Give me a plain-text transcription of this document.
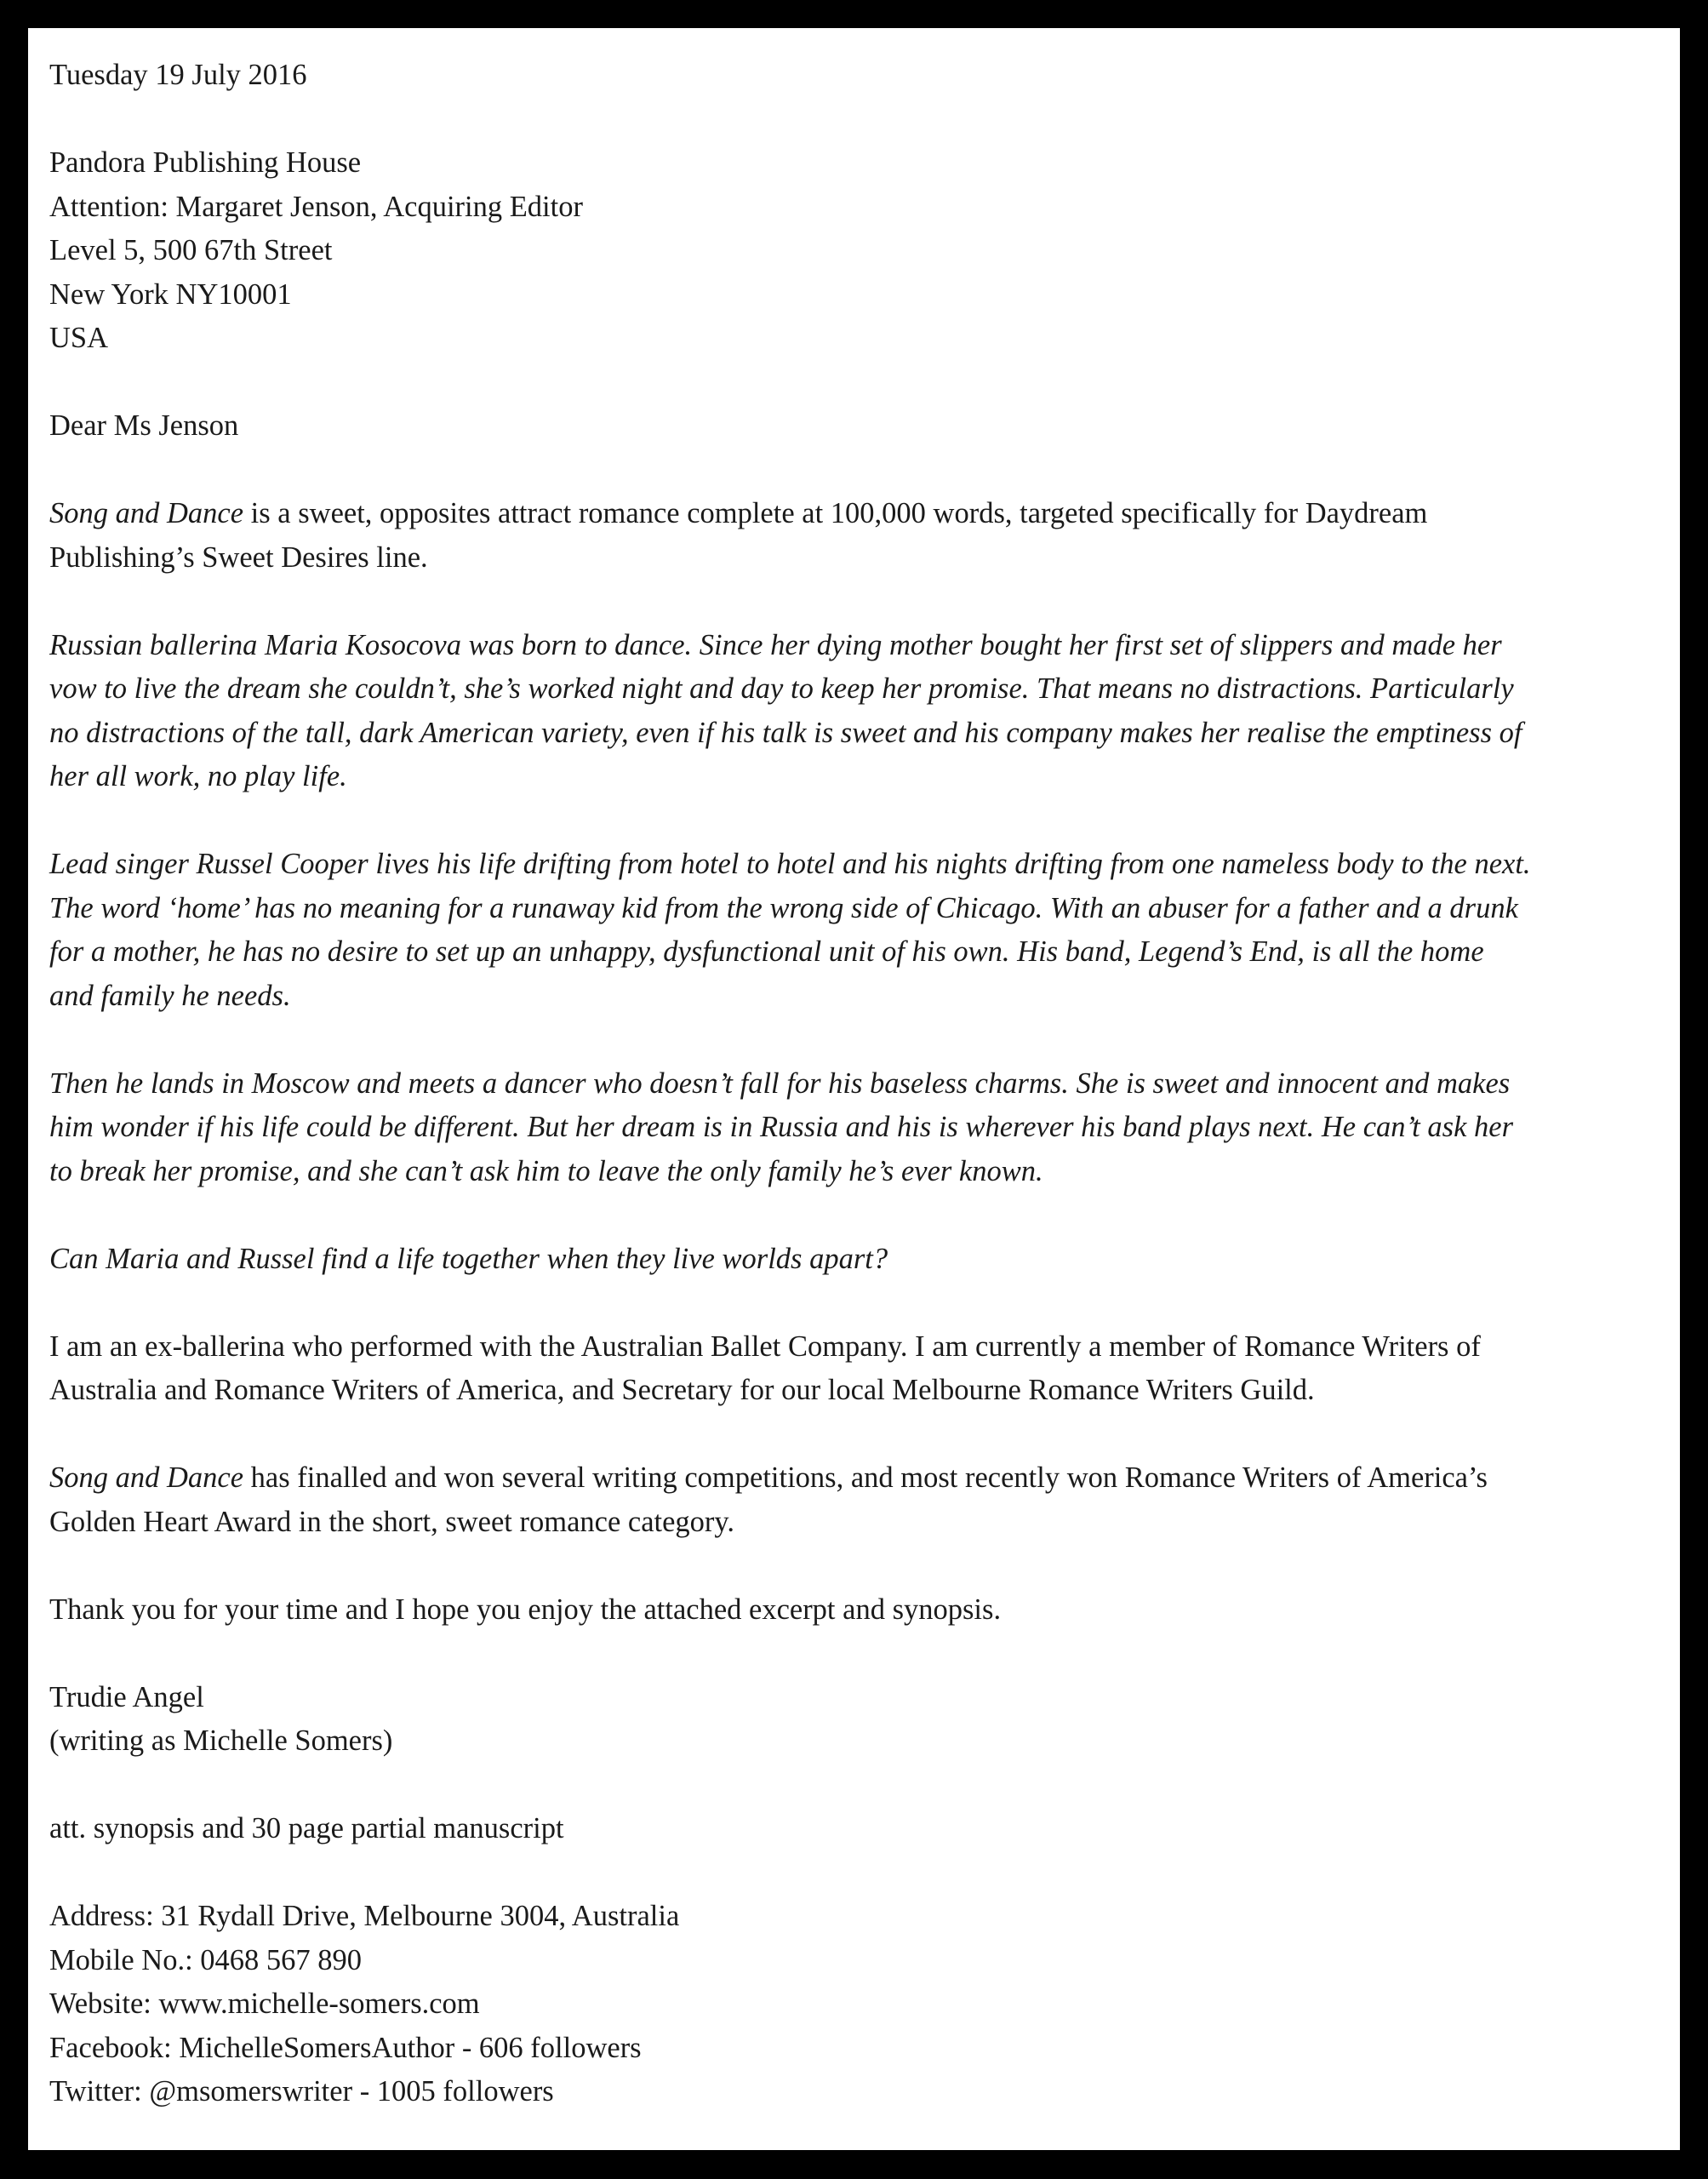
Tuesday 19 July 2016

Pandora Publishing House
Attention: Margaret Jenson, Acquiring Editor
Level 5, 500 67th Street
New York NY10001
USA

Dear Ms Jenson

Song and Dance is a sweet, opposites attract romance complete at 100,000 words, targeted specifically for Daydream
Publishing’s Sweet Desires line.

Russian ballerina Maria Kosocova was born to dance. Since her dying mother bought her first set of slippers and made her
vow to live the dream she couldn’t, she’s worked night and day to keep her promise. That means no distractions. Particularly
no distractions of the tall, dark American variety, even if his talk is sweet and his company makes her realise the emptiness of
her all work, no play life.

Lead singer Russel Cooper lives his life drifting from hotel to hotel and his nights drifting from one nameless body to the next.
The word ‘home’ has no meaning for a runaway kid from the wrong side of Chicago. With an abuser for a father and a drunk
for a mother, he has no desire to set up an unhappy, dysfunctional unit of his own. His band, Legend’s End, is all the home
and family he needs.

Then he lands in Moscow and meets a dancer who doesn’t fall for his baseless charms. She is sweet and innocent and makes
him wonder if his life could be different. But her dream is in Russia and his is wherever his band plays next. He can’t ask her
to break her promise, and she can’t ask him to leave the only family he’s ever known.

Can Maria and Russel find a life together when they live worlds apart?

I am an ex-ballerina who performed with the Australian Ballet Company. I am currently a member of Romance Writers of
Australia and Romance Writers of America, and Secretary for our local Melbourne Romance Writers Guild.

Song and Dance has finalled and won several writing competitions, and most recently won Romance Writers of America’s
Golden Heart Award in the short, sweet romance category.

Thank you for your time and I hope you enjoy the attached excerpt and synopsis.

Trudie Angel
(writing as Michelle Somers)

att. synopsis and 30 page partial manuscript

Address: 31 Rydall Drive, Melbourne 3004, Australia
Mobile No.: 0468 567 890
Website: www.michelle-somers.com
Facebook: MichelleSomersAuthor - 606 followers
Twitter: @msomerswriter - 1005 followers
